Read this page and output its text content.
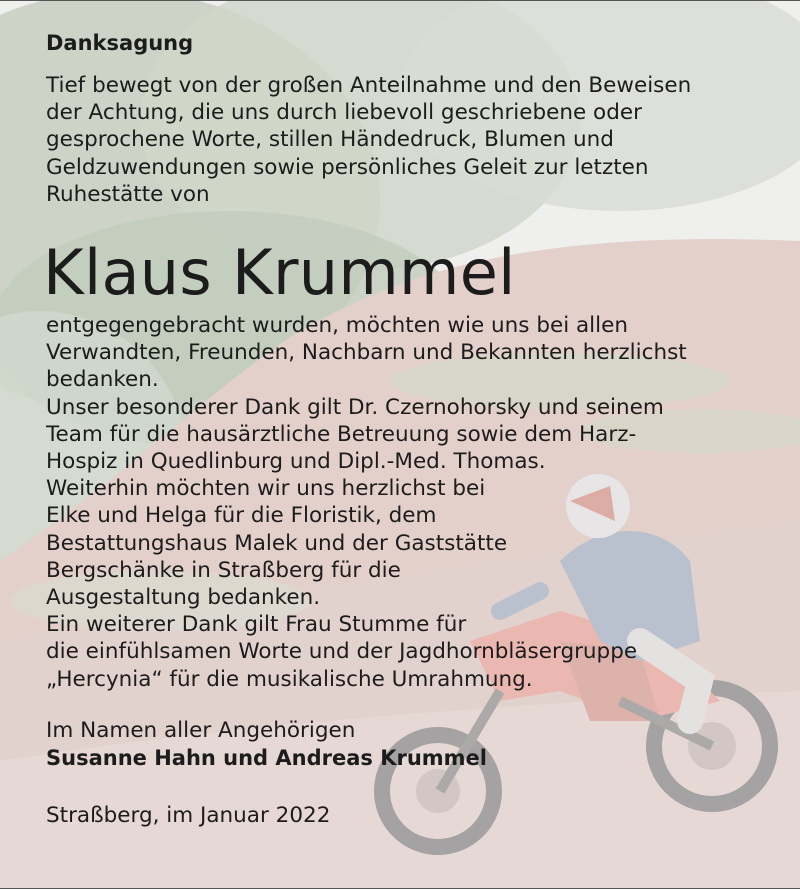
Danksagung

Tief bewegt von der großen Anteilnahme und den Beweisen
der Achtung, die uns durch liebevoll geschriebene oder
gesprochene Worte, stillen Händedruck, Blumen und
Geldzuwendungen sowie persönliches Geleit zur letzten
Ruhestätte von

Klaus Krummel

entgegengebracht wurden, möchten wie uns bei allen
Verwandten, Freunden, Nachbarn und Bekannten herzlichst
bedanken.
Unser besonderer Dank gilt Dr. Czernohorsky und seinem
Team für die hausärztliche Betreuung sowie dem Harz-
Hospiz in Quedlinburg und Dipl.-Med. Thomas.
Weiterhin möchten wir uns herzlichst bei
Elke und Helga für die Floristik, dem
Bestattungshaus Malek und der Gaststätte
Bergschänke in Straßberg für die
Ausgestaltung bedanken.
Ein weiterer Dank gilt Frau Stumme für
die einfühlsamen Worte und der Jagdhornbläsergruppe
„Hercynia“ für die musikalische Umrahmung.

Im Namen aller Angehörigen
Susanne Hahn und Andreas Krummel
Straßberg, im Januar 2022
